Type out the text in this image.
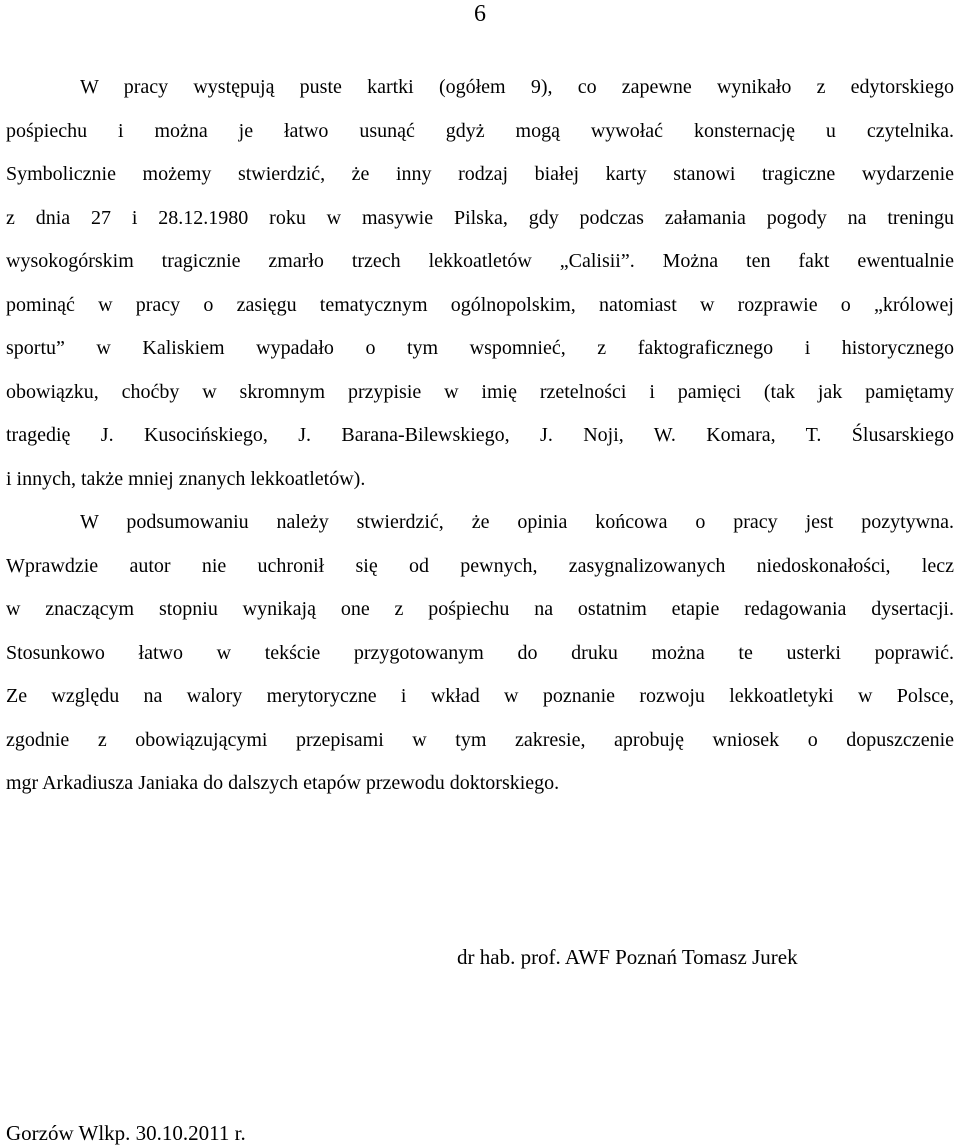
6
W pracy występują puste kartki (ogółem 9), co zapewne wynikało z edytorskiego
pośpiechu i można je łatwo usunąć gdyż mogą wywołać konsternację u czytelnika.
Symbolicznie możemy stwierdzić, że inny rodzaj białej karty stanowi tragiczne wydarzenie
z dnia 27 i 28.12.1980 roku w masywie Pilska, gdy podczas załamania pogody na treningu
wysokogórskim tragicznie zmarło trzech lekkoatletów „Calisii”. Można ten fakt ewentualnie
pominąć w pracy o zasięgu tematycznym ogólnopolskim, natomiast w rozprawie o „królowej
sportu” w Kaliskiem wypadało o tym wspomnieć, z faktograficznego i historycznego
obowiązku, choćby w skromnym przypisie w imię rzetelności i pamięci (tak jak pamiętamy
tragedię J. Kusocińskiego, J. Barana-Bilewskiego, J. Noji, W. Komara, T. Ślusarskiego
i innych, także mniej znanych lekkoatletów).
W podsumowaniu należy stwierdzić, że opinia końcowa o pracy jest pozytywna.
Wprawdzie autor nie uchronił się od pewnych, zasygnalizowanych niedoskonałości, lecz
w znaczącym stopniu wynikają one z pośpiechu na ostatnim etapie redagowania dysertacji.
Stosunkowo łatwo w tekście przygotowanym do druku można te usterki poprawić.
Ze względu na walory merytoryczne i wkład w poznanie rozwoju lekkoatletyki w Polsce,
zgodnie z obowiązującymi przepisami w tym zakresie, aprobuję wniosek o dopuszczenie
mgr Arkadiusza Janiaka do dalszych etapów przewodu doktorskiego.
dr hab. prof. AWF Poznań Tomasz Jurek
Gorzów Wlkp. 30.10.2011 r.
